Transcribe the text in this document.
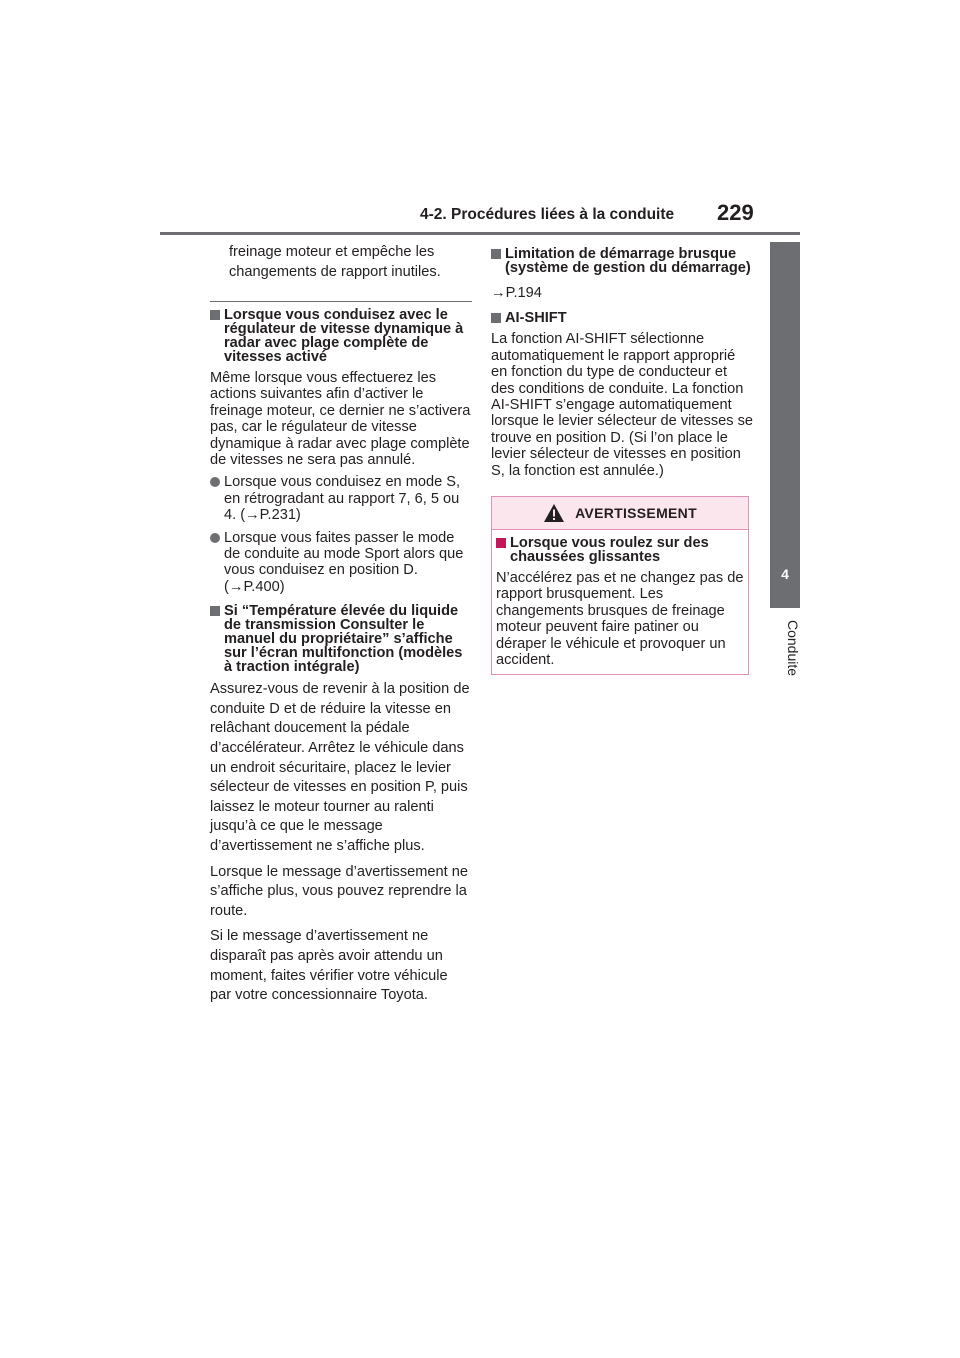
4-2. Procédures liées à la conduite 229
4
Conduite

freinage moteur et empêche les changements de rapport inutiles.

Lorsque vous conduisez avec le régulateur de vitesse dynamique à radar avec plage complète de vitesses activé

Même lorsque vous effectuerez les actions suivantes afin d’activer le freinage moteur, ce dernier ne s’activera pas, car le régulateur de vitesse dynamique à radar avec plage complète de vitesses ne sera pas annulé.

Lorsque vous conduisez en mode S, en rétrogradant au rapport 7, 6, 5 ou 4. (→P.231)
Lorsque vous faites passer le mode de conduite au mode Sport alors que vous conduisez en position D. (→P.400)
Si “Température élevée du liquide de transmission Consulter le manuel du propriétaire” s’affiche sur l’écran multifonction (modèles à traction intégrale)

Assurez-vous de revenir à la position de conduite D et de réduire la vitesse en relâchant doucement la pédale d’accélérateur. Arrêtez le véhicule dans un endroit sécuritaire, placez le levier sélecteur de vitesses en position P, puis laissez le moteur tourner au ralenti jusqu’à ce que le message d’avertissement ne s’affiche plus.

Lorsque le message d’avertissement ne s’affiche plus, vous pouvez reprendre la route.

Si le message d’avertissement ne disparaît pas après avoir attendu un moment, faites vérifier votre véhicule par votre concessionnaire Toyota.

Limitation de démarrage brusque (système de gestion du démarrage)

→P.194

AI-SHIFT

La fonction AI-SHIFT sélectionne automatiquement le rapport approprié en fonction du type de conducteur et des conditions de conduite. La fonction AI-SHIFT s’engage automatiquement lorsque le levier sélecteur de vitesses se trouve en position D. (Si l’on place le levier sélecteur de vitesses en position S, la fonction est annulée.)

AVERTISSEMENT
Lorsque vous roulez sur des chaussées glissantes

N’accélérez pas et ne changez pas de rapport brusquement. Les changements brusques de freinage moteur peuvent faire patiner ou déraper le véhicule et provoquer un accident.
